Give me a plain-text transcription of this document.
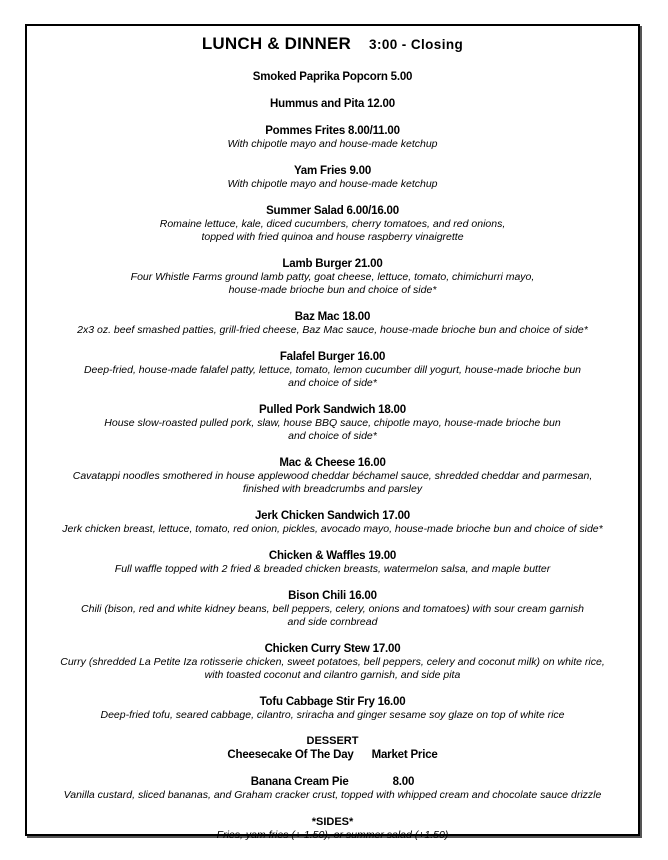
LUNCH & DINNER 3:00 - Closing
Smoked Paprika Popcorn 5.00
Hummus and Pita 12.00
Pommes Frites 8.00/11.00
With chipotle mayo and house-made ketchup
Yam Fries 9.00
With chipotle mayo and house-made ketchup
Summer Salad 6.00/16.00
Romaine lettuce, kale, diced cucumbers, cherry tomatoes, and red onions,
topped with fried quinoa and house raspberry vinaigrette
Lamb Burger 21.00
Four Whistle Farms ground lamb patty, goat cheese, lettuce, tomato, chimichurri mayo,
house-made brioche bun and choice of side*
Baz Mac 18.00
2x3 oz. beef smashed patties, grill-fried cheese, Baz Mac sauce, house-made brioche bun and choice of side*
Falafel Burger 16.00
Deep-fried, house-made falafel patty, lettuce, tomato, lemon cucumber dill yogurt, house-made brioche bun
and choice of side*
Pulled Pork Sandwich 18.00
House slow-roasted pulled pork, slaw, house BBQ sauce, chipotle mayo, house-made brioche bun
and choice of side*
Mac & Cheese 16.00
Cavatappi noodles smothered in house applewood cheddar béchamel sauce, shredded cheddar and parmesan,
finished with breadcrumbs and parsley
Jerk Chicken Sandwich 17.00
Jerk chicken breast, lettuce, tomato, red onion, pickles, avocado mayo, house-made brioche bun and choice of side*
Chicken & Waffles 19.00
Full waffle topped with 2 fried & breaded chicken breasts, watermelon salsa, and maple butter
Bison Chili 16.00
Chili (bison, red and white kidney beans, bell peppers, celery, onions and tomatoes) with sour cream garnish
and side cornbread
Chicken Curry Stew 17.00
Curry (shredded La Petite Iza rotisserie chicken, sweet potatoes, bell peppers, celery and coconut milk) on white rice,
with toasted coconut and cilantro garnish, and side pita
Tofu Cabbage Stir Fry 16.00
Deep-fried tofu, seared cabbage, cilantro, sriracha and ginger sesame soy glaze on top of white rice
DESSERT
Cheesecake Of The Day Market Price
Banana Cream Pie	8.00
Vanilla custard, sliced bananas, and Graham cracker crust, topped with whipped cream and chocolate sauce drizzle
*SIDES*
Fries, yam fries (+ 1.50), or summer salad (+1.50)
